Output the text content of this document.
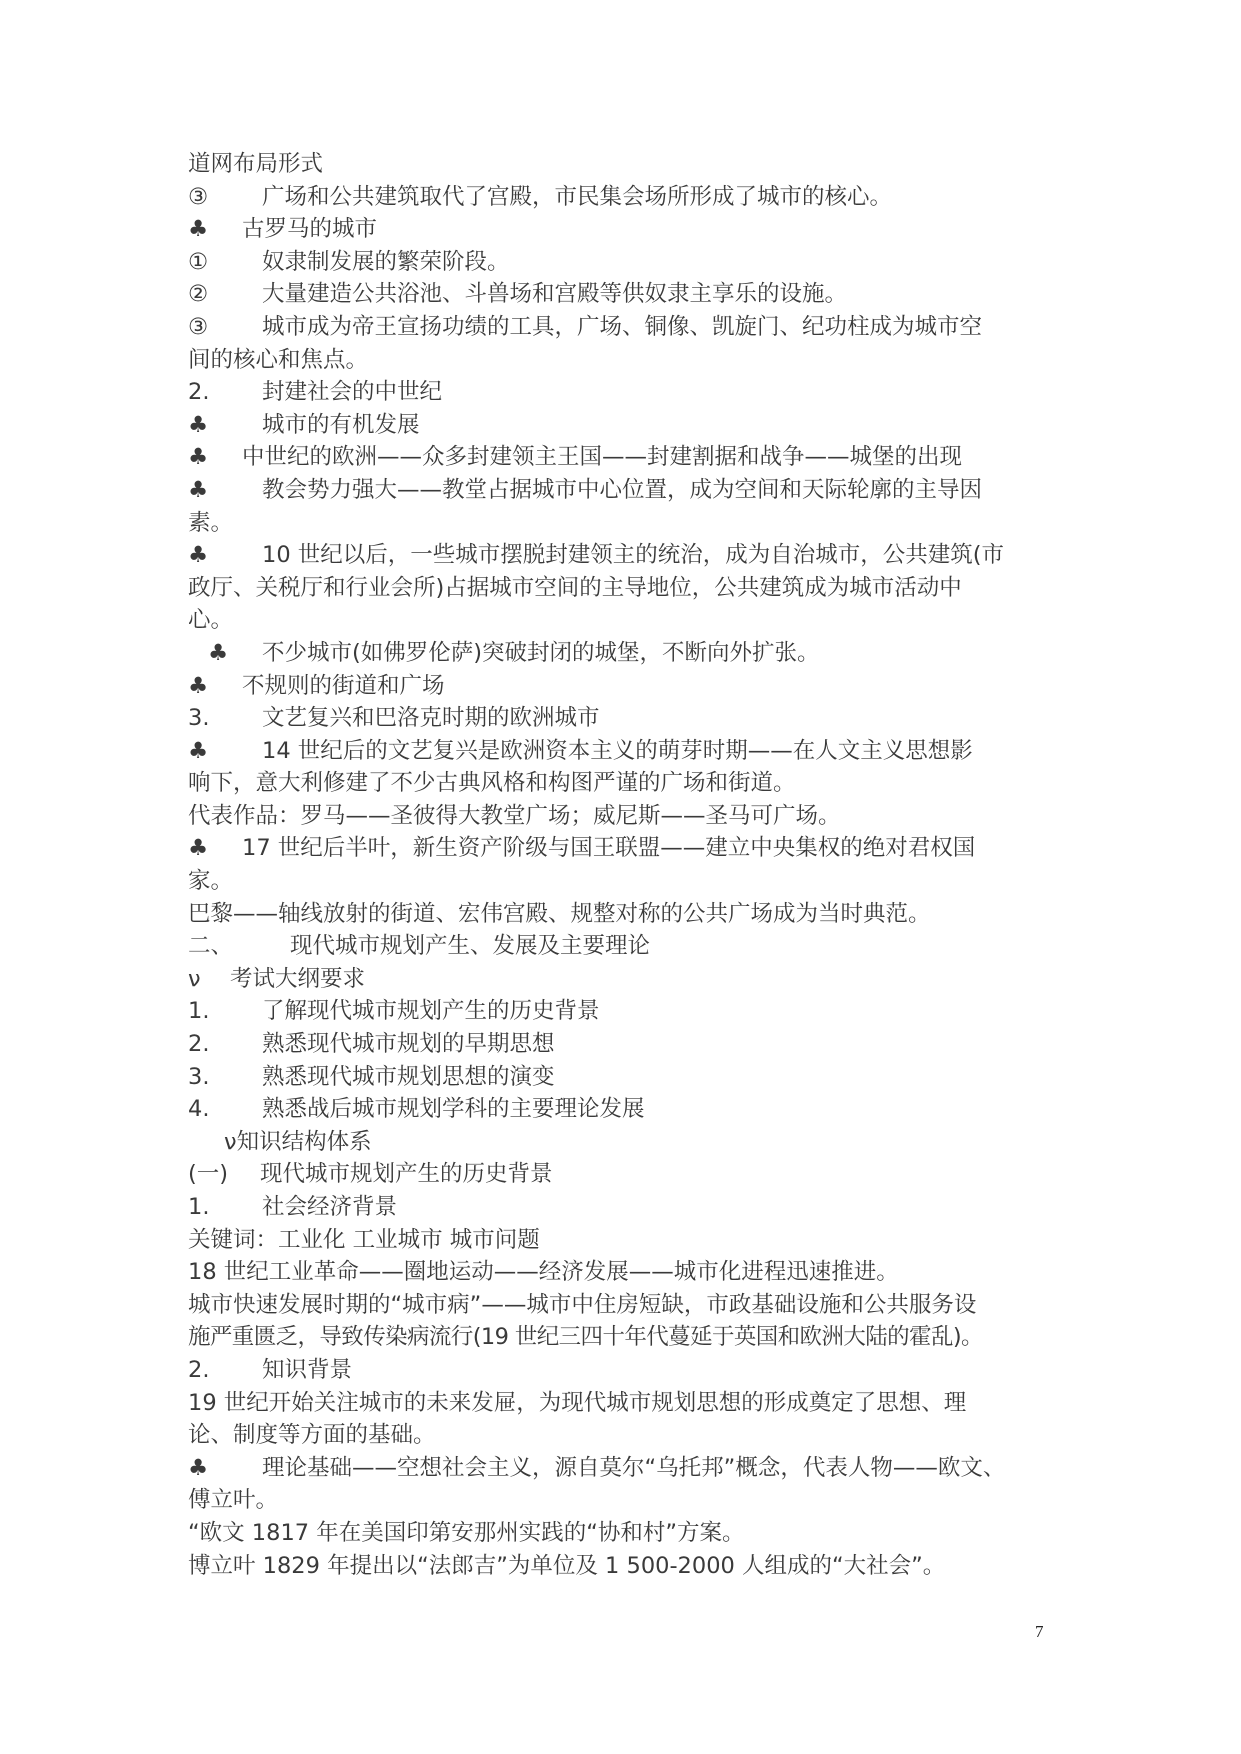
道网布局形式
③	广场和公共建筑取代了宫殿，市民集会场所形成了城市的核心。
♣	古罗马的城市
①	奴隶制发展的繁荣阶段。
②	大量建造公共浴池、斗兽场和宫殿等供奴隶主享乐的设施。
③	城市成为帝王宣扬功绩的工具，广场、铜像、凯旋门、纪功柱成为城市空
间的核心和焦点。
2.	封建社会的中世纪
♣	城市的有机发展
♣	中世纪的欧洲——众多封建领主王国——封建割据和战争——城堡的出现
♣	教会势力强大——教堂占据城市中心位置，成为空间和天际轮廓的主导因
素。
♣	10 世纪以后，一些城市摆脱封建领主的统治，成为自治城市，公共建筑(市
政厅、关税厅和行业会所)占据城市空间的主导地位，公共建筑成为城市活动中
心。
♣	不少城市(如佛罗伦萨)突破封闭的城堡，不断向外扩张。
♣	不规则的街道和广场
3.	文艺复兴和巴洛克时期的欧洲城市
♣	14 世纪后的文艺复兴是欧洲资本主义的萌芽时期——在人文主义思想影
响下，意大利修建了不少古典风格和构图严谨的广场和街道。
代表作品：罗马——圣彼得大教堂广场；威尼斯——圣马可广场。
♣	17 世纪后半叶，新生资产阶级与国王联盟——建立中央集权的绝对君权国
家。
巴黎——轴线放射的街道、宏伟宫殿、规整对称的公共广场成为当时典范。
二、	现代城市规划产生、发展及主要理论
ν	考试大纲要求
1.	了解现代城市规划产生的历史背景
2.	熟悉现代城市规划的早期思想
3.	熟悉现代城市规划思想的演变
4.	熟悉战后城市规划学科的主要理论发展
ν知识结构体系
(一)	现代城市规划产生的历史背景
1.	社会经济背景
关键词：工业化 工业城市 城市问题
18 世纪工业革命——圈地运动——经济发展——城市化进程迅速推进。
城市快速发展时期的“城市病”——城市中住房短缺，市政基础设施和公共服务设
施严重匮乏，导致传染病流行(19 世纪三四十年代蔓延于英国和欧洲大陆的霍乱)。
2.	知识背景
19 世纪开始关注城市的未来发屉，为现代城市规划思想的形成奠定了思想、理
论、制度等方面的基础。
♣	理论基础——空想社会主义，源自莫尔“乌托邦”概念，代表人物——欧文、
傅立叶。
“欧文 1817 年在美国印第安那州实践的“协和村”方案。
博立叶 1829 年提出以“法郎吉”为单位及 1 500-2000 人组成的“大社会”。
7
